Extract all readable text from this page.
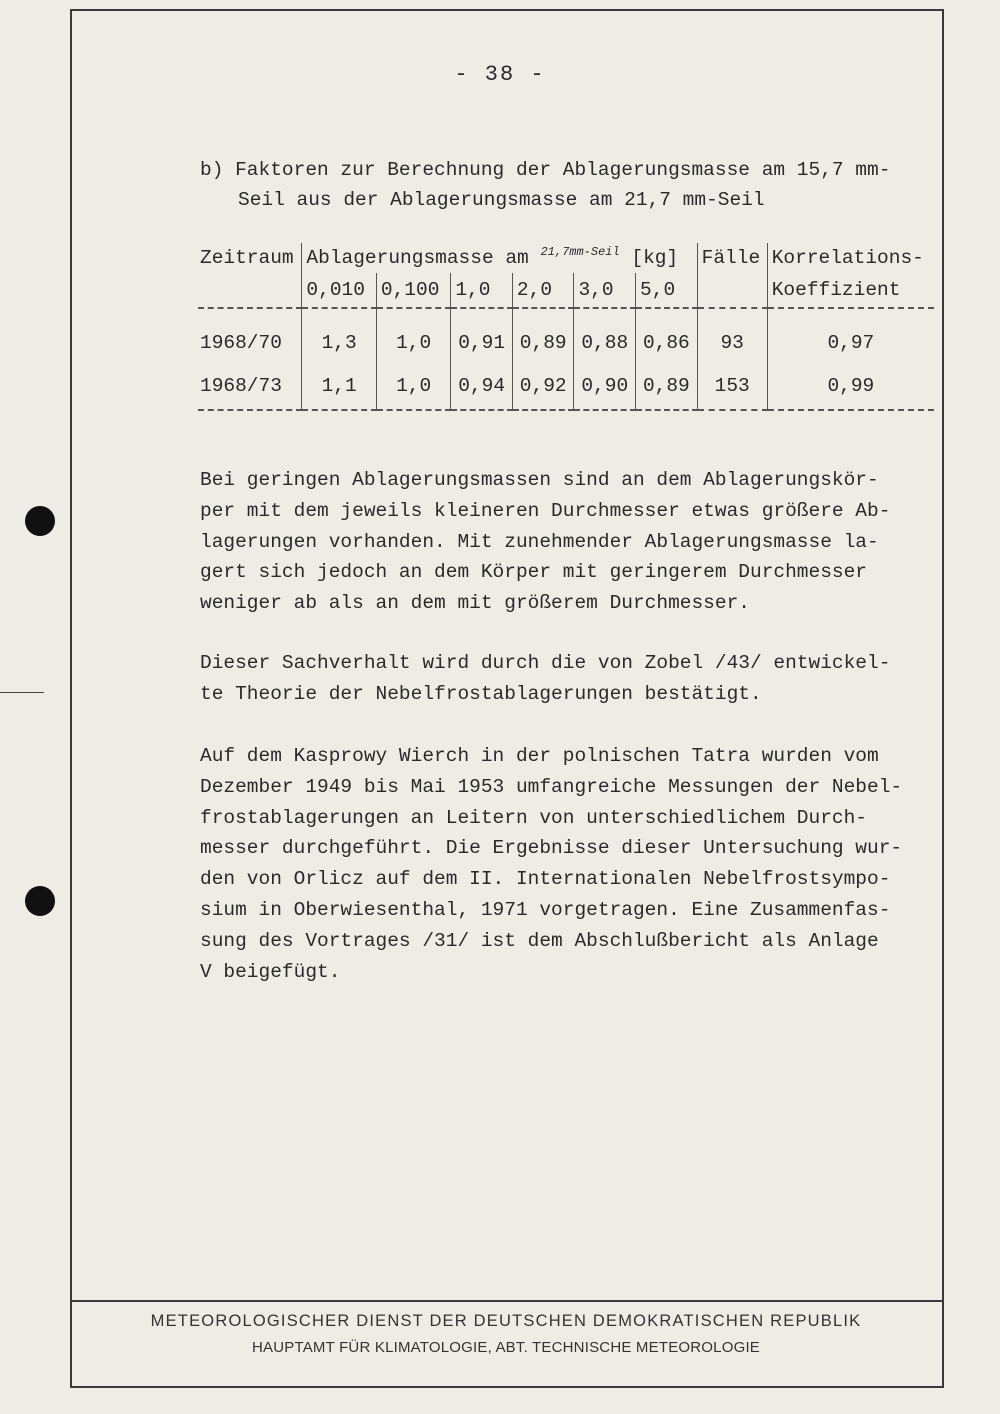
- 38 -
b) Faktoren zur Berechnung der Ablagerungsmasse am 15,7 mm-
Seil aus der Ablagerungsmasse am 21,7 mm-Seil
Zeitraum	Ablagerungsmasse am $^{21,7mm-Seil}$ [kg]						Fälle	Korrelations-
	0,010	0,100	1,0	2,0	3,0	5,0		Koeffizient
1968/70	1,3	1,0	0,91	0,89	0,88	0,86	93	0,97
1968/73	1,1	1,0	0,94	0,92	0,90	0,89	153	0,99
Bei geringen Ablagerungsmassen sind an dem Ablagerungskör-
per mit dem jeweils kleineren Durchmesser etwas größere Ab-
lagerungen vorhanden. Mit zunehmender Ablagerungsmasse la-
gert sich jedoch an dem Körper mit geringerem Durchmesser
weniger ab als an dem mit größerem Durchmesser.
Dieser Sachverhalt wird durch die von Zobel /43/ entwickel-
te Theorie der Nebelfrostablagerungen bestätigt.
Auf dem Kasprowy Wierch in der polnischen Tatra wurden vom
Dezember 1949 bis Mai 1953 umfangreiche Messungen der Nebel-
frostablagerungen an Leitern von unterschiedlichem Durch-
messer durchgeführt. Die Ergebnisse dieser Untersuchung wur-
den von Orlicz auf dem II. Internationalen Nebelfrostsympo-
sium in Oberwiesenthal, 1971 vorgetragen. Eine Zusammenfas-
sung des Vortrages /31/ ist dem Abschlußbericht als Anlage
V beigefügt.
METEOROLOGISCHER DIENST DER DEUTSCHEN DEMOKRATISCHEN REPUBLIK
HAUPTAMT FÜR KLIMATOLOGIE, ABT. TECHNISCHE METEOROLOGIE
